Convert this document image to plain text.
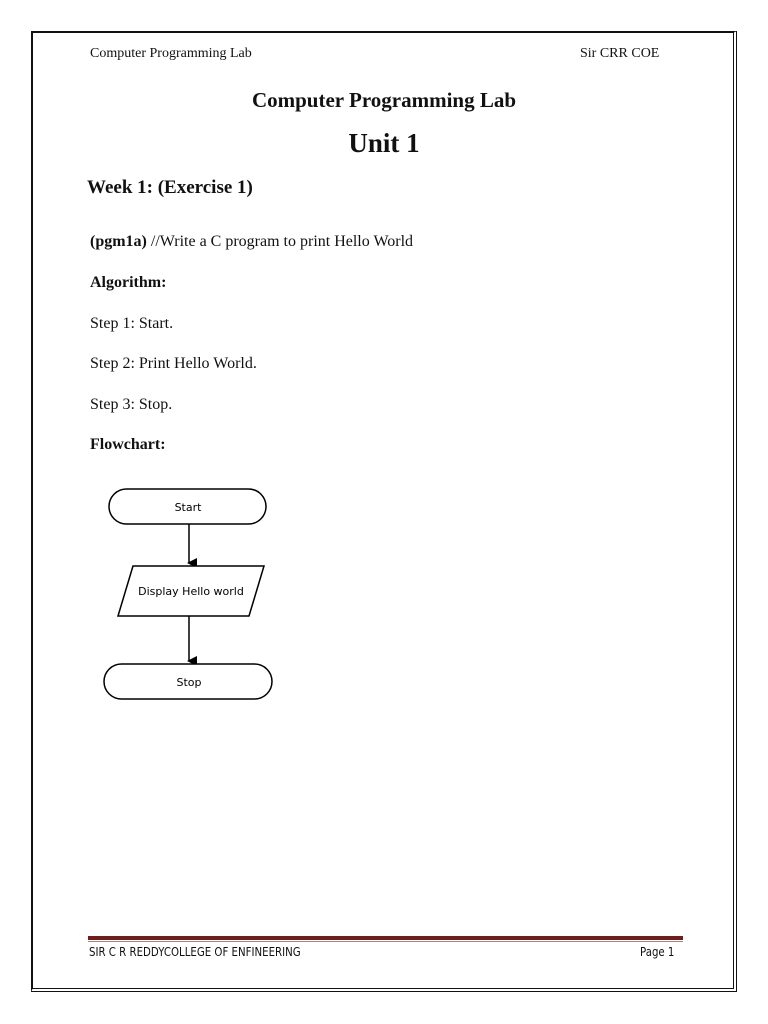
Computer Programming Lab	Sir CRR COE
Computer Programming Lab
Unit 1
Week 1: (Exercise 1)
(pgm1a) //Write a C program to print Hello World
Algorithm:
Step 1: Start.
Step 2: Print Hello World.
Step 3: Stop.
Flowchart:
Start
Display Hello world
Stop
SIR C R REDDYCOLLEGE OF ENFINEERING	Page 1
